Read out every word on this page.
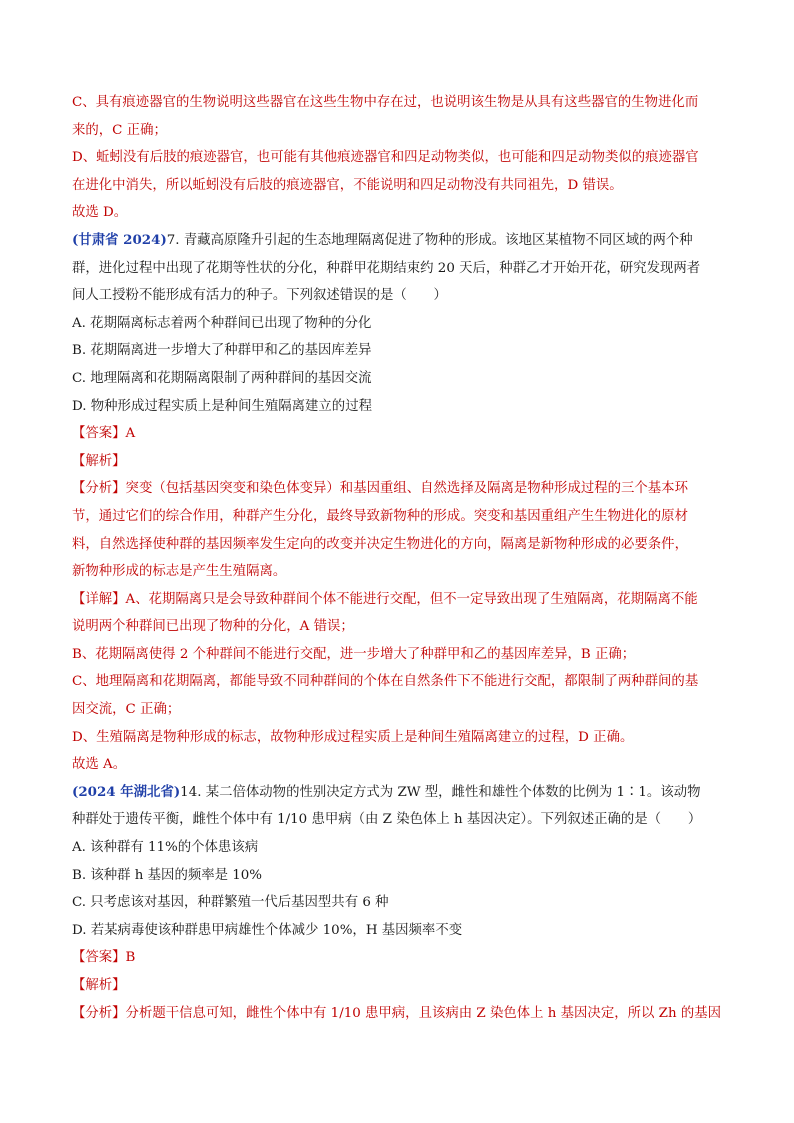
C、具有痕迹器官的生物说明这些器官在这些生物中存在过，也说明该生物是从具有这些器官的生物进化而
来的，C 正确；
D、蚯蚓没有后肢的痕迹器官，也可能有其他痕迹器官和四足动物类似，也可能和四足动物类似的痕迹器官
在进化中消失，所以蚯蚓没有后肢的痕迹器官，不能说明和四足动物没有共同祖先，D 错误。
故选 D。
(甘肃省 2024)7. 青藏高原隆升引起的生态地理隔离促进了物种的形成。该地区某植物不同区域的两个种
群，进化过程中出现了花期等性状的分化，种群甲花期结束约 20 天后，种群乙才开始开花，研究发现两者
间人工授粉不能形成有活力的种子。下列叙述错误的是（　　）
A. 花期隔离标志着两个种群间已出现了物种的分化
B. 花期隔离进一步增大了种群甲和乙的基因库差异
C. 地理隔离和花期隔离限制了两种群间的基因交流
D. 物种形成过程实质上是种间生殖隔离建立的过程
【答案】A
【解析】
【分析】突变（包括基因突变和染色体变异）和基因重组、自然选择及隔离是物种形成过程的三个基本环
节，通过它们的综合作用，种群产生分化，最终导致新物种的形成。突变和基因重组产生生物进化的原材
料，自然选择使种群的基因频率发生定向的改变并决定生物进化的方向，隔离是新物种形成的必要条件，
新物种形成的标志是产生生殖隔离。
【详解】A、花期隔离只是会导致种群间个体不能进行交配，但不一定导致出现了生殖隔离，花期隔离不能
说明两个种群间已出现了物种的分化，A 错误；
B、花期隔离使得 2 个种群间不能进行交配，进一步增大了种群甲和乙的基因库差异，B 正确；
C、地理隔离和花期隔离，都能导致不同种群间的个体在自然条件下不能进行交配，都限制了两种群间的基
因交流，C 正确；
D、生殖隔离是物种形成的标志，故物种形成过程实质上是种间生殖隔离建立的过程，D 正确。
故选 A。
(2024 年湖北省)14. 某二倍体动物的性别决定方式为 ZW 型，雌性和雄性个体数的比例为 1∶1。该动物
种群处于遗传平衡，雌性个体中有 1/10 患甲病（由 Z 染色体上 h 基因决定）。下列叙述正确的是（　　）
A. 该种群有 11%的个体患该病
B. 该种群 h 基因的频率是 10%
C. 只考虑该对基因，种群繁殖一代后基因型共有 6 种
D. 若某病毒使该种群患甲病雄性个体减少 10%，H 基因频率不变
【答案】B
【解析】
【分析】分析题干信息可知，雌性个体中有 1/10 患甲病，且该病由 Z 染色体上 h 基因决定，所以 Zh 的基因
